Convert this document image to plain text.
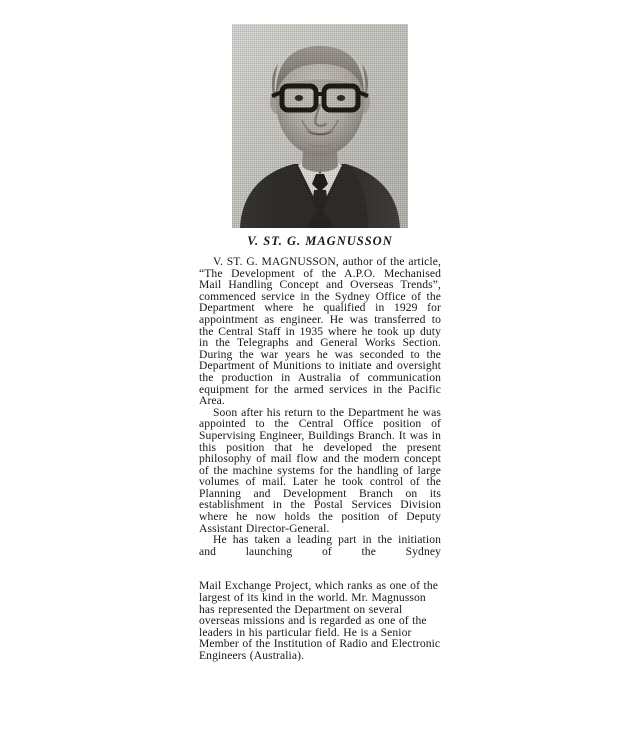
V. ST. G. MAGNUSSON

V. ST. G. MAGNUSSON, author of the article, “The Development of the A.P.O. Mechanised Mail Handling Concept and Overseas Trends”, commenced service in the Sydney Office of the Department where he qualified in 1929 for appointment as engineer. He was transferred to the Central Staff in 1935 where he took up duty in the Telegraphs and General Works Section. During the war years he was seconded to the Department of Munitions to initiate and oversight the production in Australia of communication equipment for the armed services in the Pacific Area.

Soon after his return to the Department he was appointed to the Central Office position of Supervising Engineer, Buildings Branch. It was in this position that he developed the present philosophy of mail flow and the modern concept of the machine systems for the handling of large volumes of mail. Later he took control of the Planning and Development Branch on its establishment in the Postal Services Division where he now holds the position of Deputy Assistant Director-General.

He has taken a leading part in the initiation and launching of the Sydney

Mail Exchange Project, which ranks as one of the largest of its kind in the world. Mr. Magnusson has represented the Department on several overseas missions and is regarded as one of the leaders in his particular field. He is a Senior Member of the Institution of Radio and Electronic Engineers (Australia).
